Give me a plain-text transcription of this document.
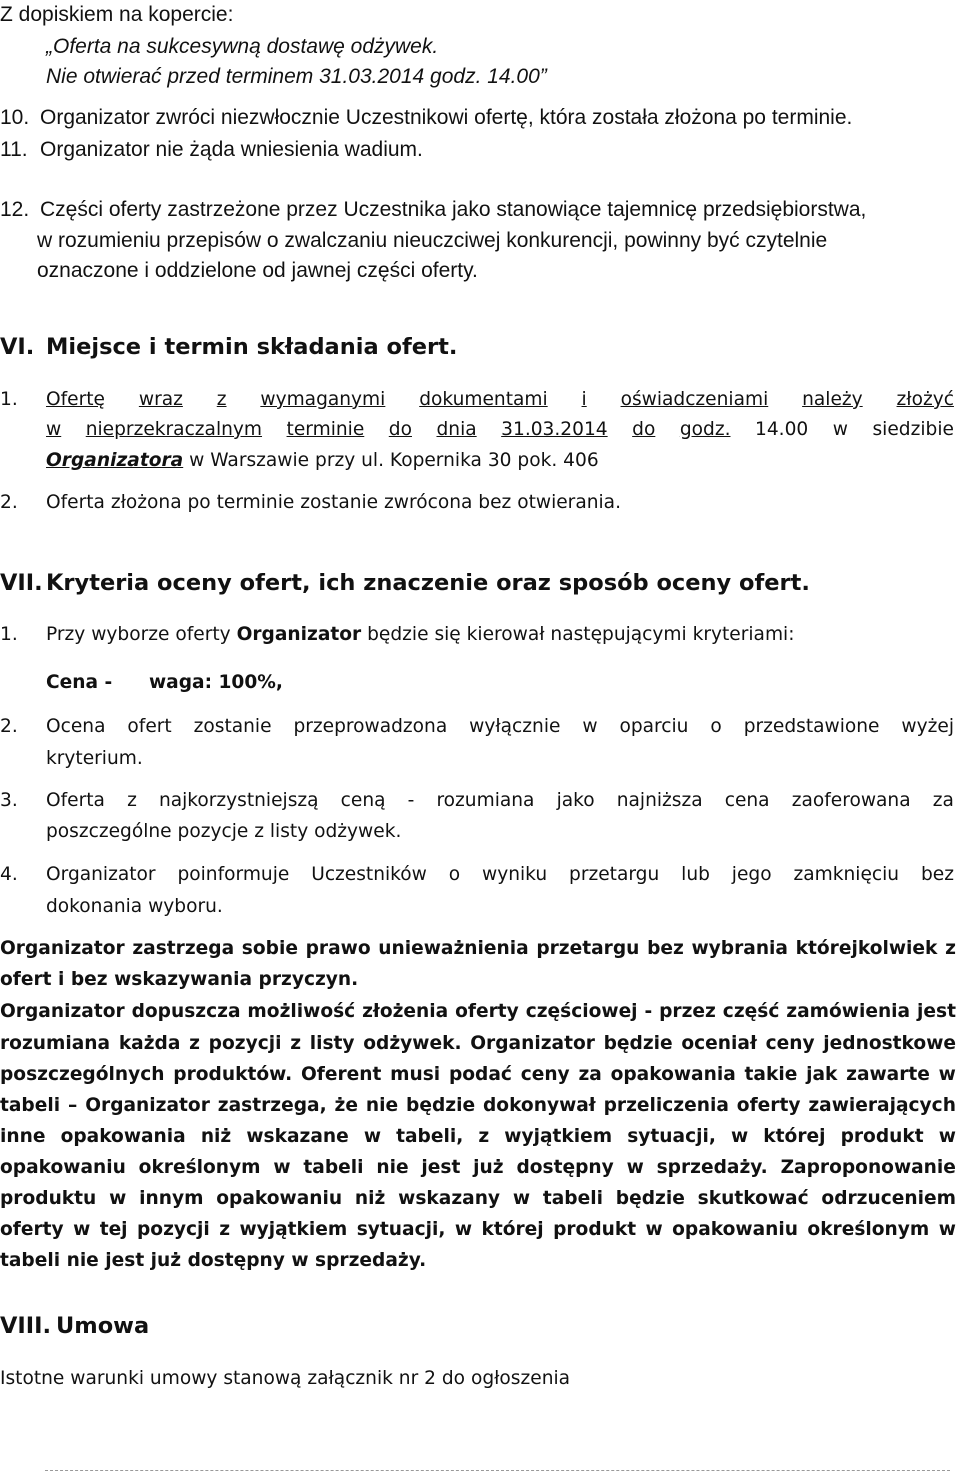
Z dopiskiem na kopercie:
„Oferta na sukcesywną dostawę odżywek.
Nie otwierać przed terminem 31.03.2014 godz. 14.00”
10. Organizator zwróci niezwłocznie Uczestnikowi ofertę, która została złożona po terminie.
11. Organizator nie żąda wniesienia wadium.
12. Części oferty zastrzeżone przez Uczestnika jako stanowiące tajemnicę przedsiębiorstwa,
w rozumieniu przepisów o zwalczaniu nieuczciwej konkurencji, powinny być czytelnie
oznaczone i oddzielone od jawnej części oferty.
VI. Miejsce i termin składania ofert.
1. Ofertę wraz z wymaganymi dokumentami i oświadczeniami należy złożyć
w nieprzekraczalnym terminie do dnia 31.03.2014 do godz. 14.00 w siedzibie
Organizatora w Warszawie przy ul. Kopernika 30 pok. 406
2. Oferta złożona po terminie zostanie zwrócona bez otwierania.
VII. Kryteria oceny ofert, ich znaczenie oraz sposób oceny ofert.
1. Przy wyborze oferty Organizator będzie się kierował następującymi kryteriami:
Cena - waga: 100%,
2. Ocena ofert zostanie przeprowadzona wyłącznie w oparciu o przedstawione wyżej
kryterium.
3. Oferta z najkorzystniejszą ceną - rozumiana jako najniższa cena zaoferowana za
poszczególne pozycje z listy odżywek.
4. Organizator poinformuje Uczestników o wyniku przetargu lub jego zamknięciu bez
dokonania wyboru.
Organizator zastrzega sobie prawo unieważnienia przetargu bez wybrania którejkolwiek z
ofert i bez wskazywania przyczyn.
Organizator dopuszcza możliwość złożenia oferty częściowej - przez część zamówienia jest
rozumiana każda z pozycji z listy odżywek. Organizator będzie oceniał ceny jednostkowe
poszczególnych produktów. Oferent musi podać ceny za opakowania takie jak zawarte w
tabeli – Organizator zastrzega, że nie będzie dokonywał przeliczenia oferty zawierających
inne opakowania niż wskazane w tabeli, z wyjątkiem sytuacji, w której produkt w
opakowaniu określonym w tabeli nie jest już dostępny w sprzedaży. Zaproponowanie
produktu w innym opakowaniu niż wskazany w tabeli będzie skutkować odrzuceniem
oferty w tej pozycji z wyjątkiem sytuacji, w której produkt w opakowaniu określonym w
tabeli nie jest już dostępny w sprzedaży.
VIII. Umowa
Istotne warunki umowy stanową załącznik nr 2 do ogłoszenia
